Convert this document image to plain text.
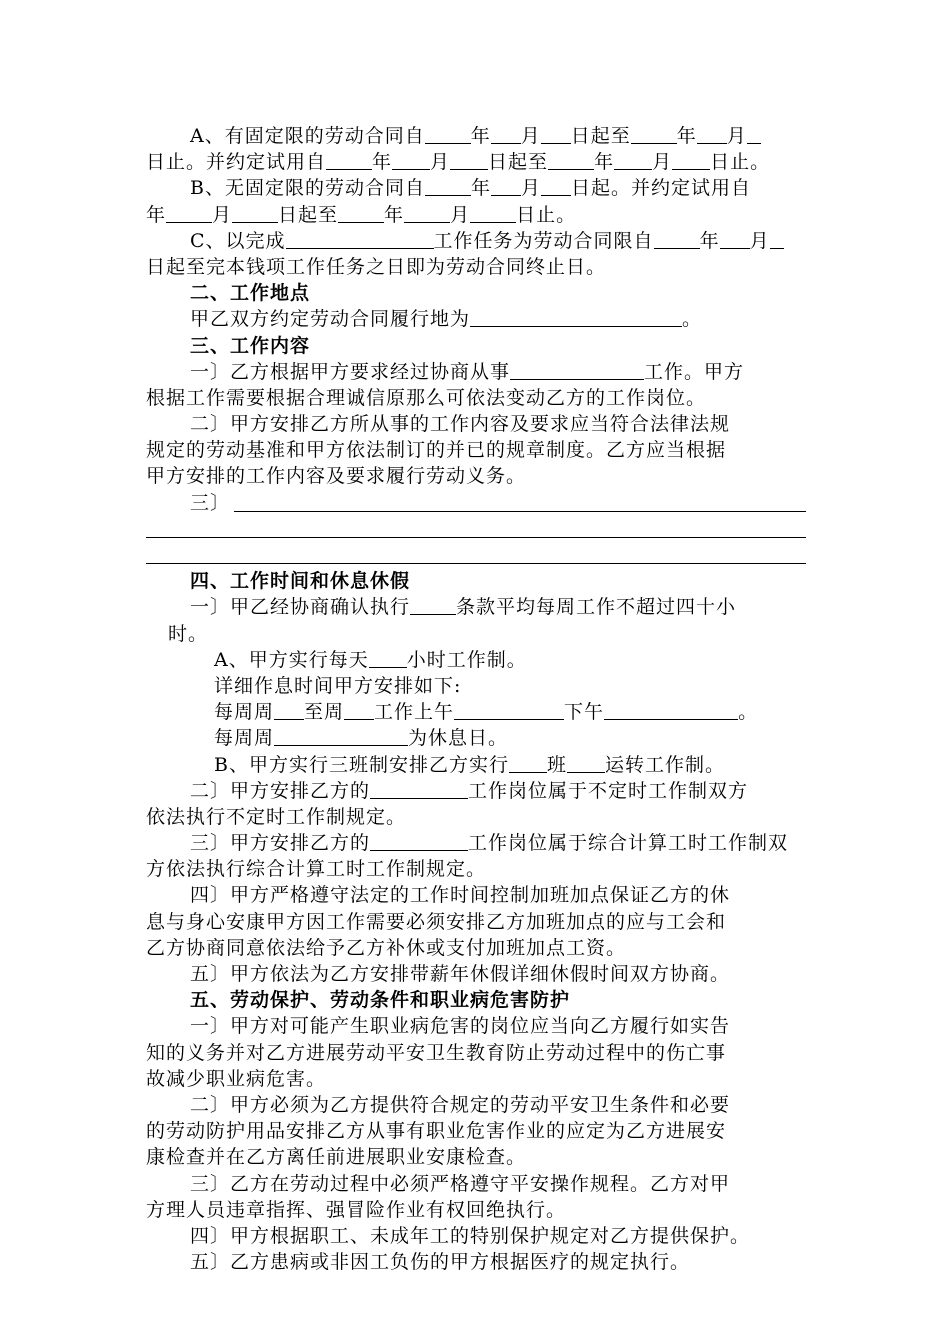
A、有固定限的劳动合同自 年 月 日起至 年 月
日止。并约定试用自 年 月 日起至 年 月 日止。
B、无固定限的劳动合同自 年 月 日起。并约定试用自
年 月 日起至 年 月 日止。
C、以完成	工作任务为劳动合同限自 年 月
日起至完本钱项工作任务之日即为劳动合同终止日。
二、工作地点
甲乙双方约定劳动合同履行地为	。
三、工作内容
一〕乙方根据甲方要求经过协商从事	工作。甲方
根据工作需要根据合理诚信原那么可依法变动乙方的工作岗位。
二〕甲方安排乙方所从事的工作内容及要求应当符合法律法规
规定的劳动基准和甲方依法制订的并已的规章制度。乙方应当根据
甲方安排的工作内容及要求履行劳动义务。
三〕
四、工作时间和休息休假
一〕甲乙经协商确认执行 条款平均每周工作不超过四十小
时。
A、甲方实行每天 小时工作制。
详细作息时间甲方安排如下:
每周周 至周 工作上午	下午	。
每周周	为休息日。
B、甲方实行三班制安排乙方实行 班 运转工作制。
二〕甲方安排乙方的	工作岗位属于不定时工作制双方
依法执行不定时工作制规定。
三〕甲方安排乙方的	工作岗位属于综合计算工时工作制双
方依法执行综合计算工时工作制规定。
四〕甲方严格遵守法定的工作时间控制加班加点保证乙方的休
息与身心安康甲方因工作需要必须安排乙方加班加点的应与工会和
乙方协商同意依法给予乙方补休或支付加班加点工资。
五〕甲方依法为乙方安排带薪年休假详细休假时间双方协商。
五、劳动保护、劳动条件和职业病危害防护
一〕甲方对可能产生职业病危害的岗位应当向乙方履行如实告
知的义务并对乙方进展劳动平安卫生教育防止劳动过程中的伤亡事
故减少职业病危害。
二〕甲方必须为乙方提供符合规定的劳动平安卫生条件和必要
的劳动防护用品安排乙方从事有职业危害作业的应定为乙方进展安
康检查并在乙方离任前进展职业安康检查。
三〕乙方在劳动过程中必须严格遵守平安操作规程。乙方对甲
方理人员违章指挥、强冒险作业有权回绝执行。
四〕甲方根据职工、未成年工的特别保护规定对乙方提供保护。
五〕乙方患病或非因工负伤的甲方根据医疗的规定执行。
